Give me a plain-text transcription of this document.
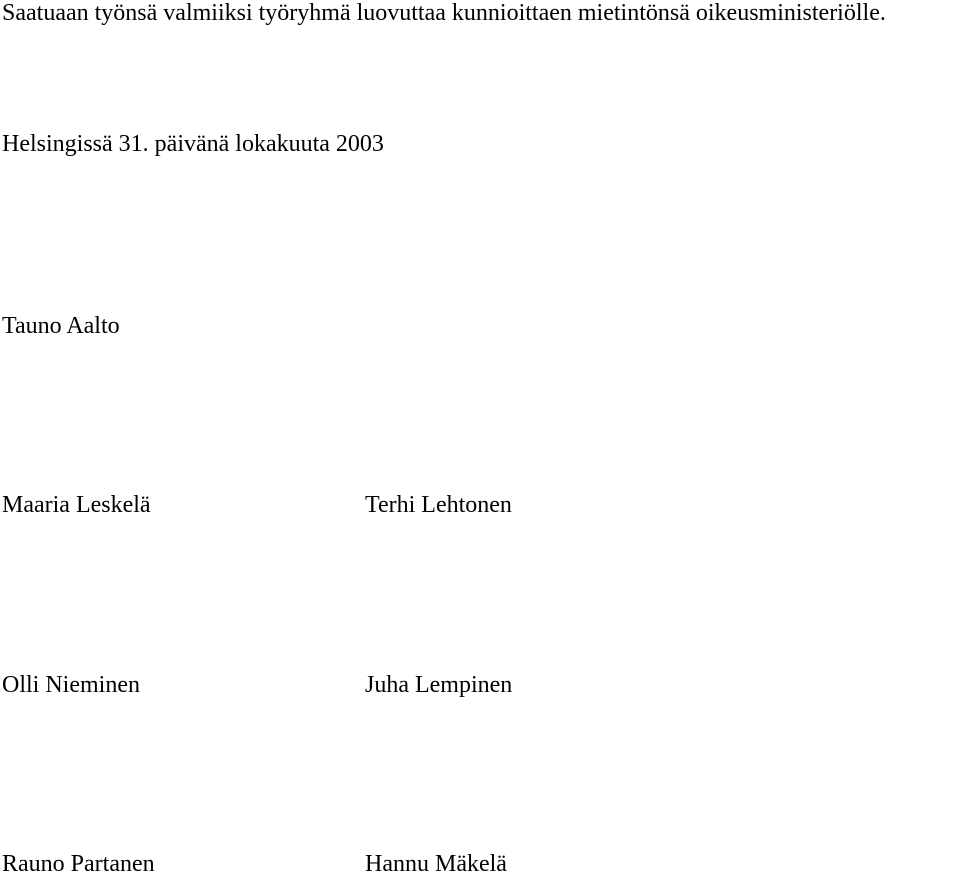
Saatuaan työnsä valmiiksi työryhmä luovuttaa kunnioittaen mietintönsä oikeusministeriölle.

Helsingissä 31. päivänä lokakuuta 2003

Tauno Aalto

Maaria Leskelä	Terhi Lehtonen

Olli Nieminen	Juha Lempinen

Rauno Partanen	Hannu Mäkelä
